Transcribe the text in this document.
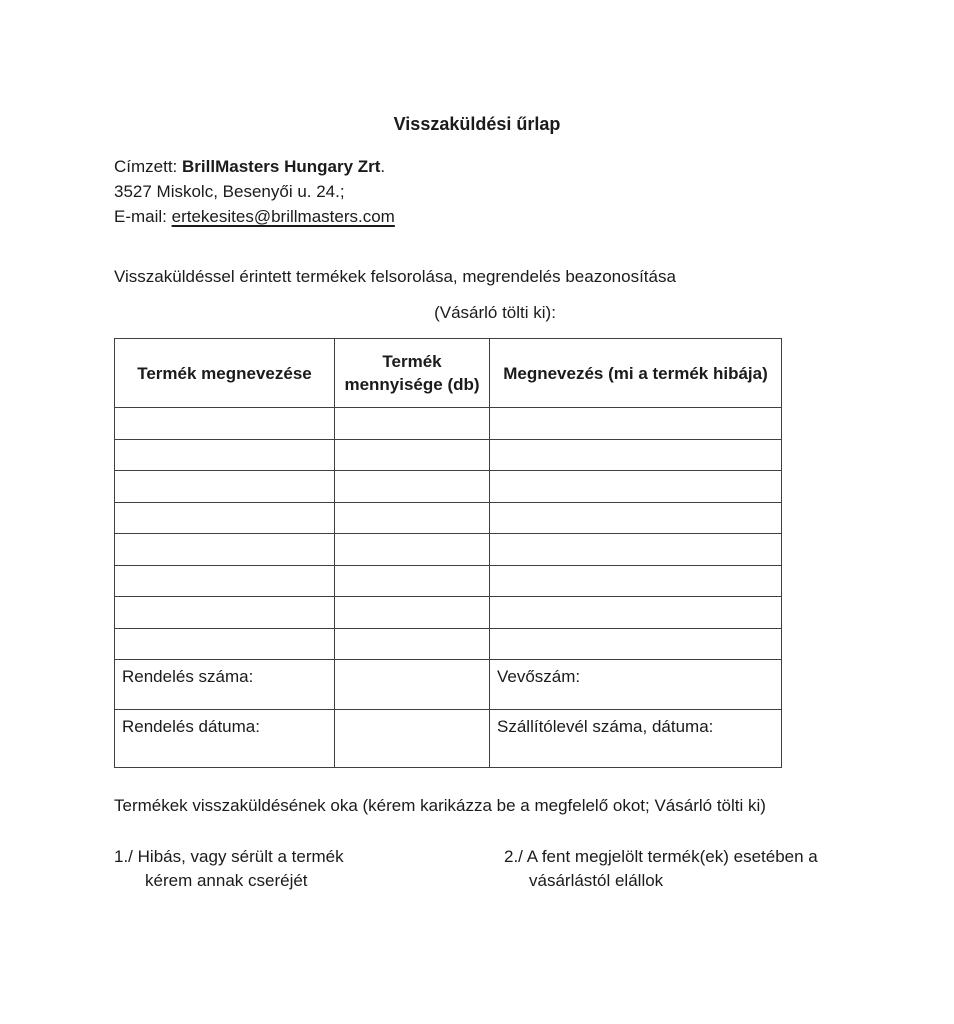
Visszaküldési űrlap
Címzett: BrillMasters Hungary Zrt.
3527 Miskolc, Besenyői u. 24.;
E-mail: ertekesites@brillmasters.com
Visszaküldéssel érintett termékek felsorolása, megrendelés beazonosítása
(Vásárló tölti ki):
Termék megnevezése	Termék mennyisége (db)	Megnevezés (mi a termék hibája)

Rendelés száma:		Vevőszám:
Rendelés dátuma:		Szállítólevél száma, dátuma:
Termékek visszaküldésének oka (kérem karikázza be a megfelelő okot; Vásárló tölti ki)
1./ Hibás, vagy sérült a termék
kérem annak cseréjét
2./ A fent megjelölt termék(ek) esetében a
vásárlástól elállok
